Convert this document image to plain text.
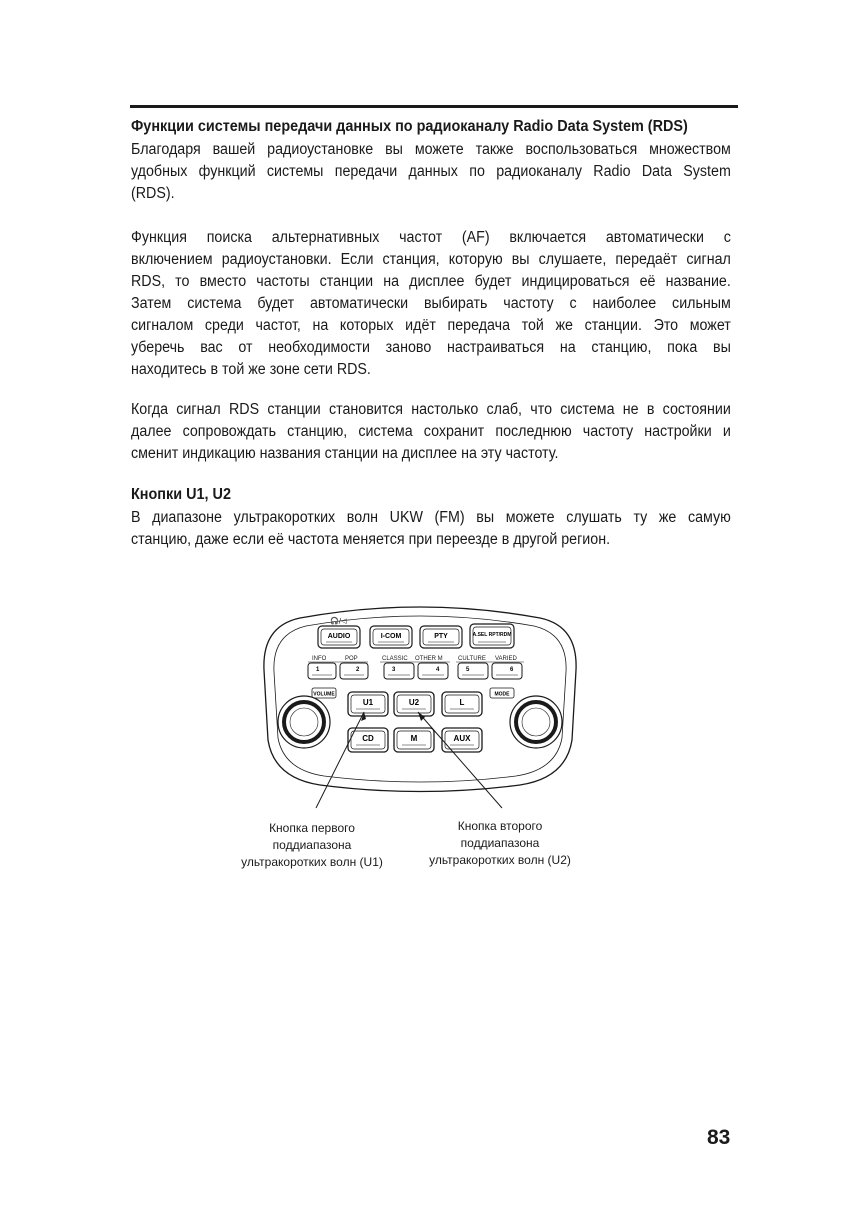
Функции системы передачи данных по радиоканалу Radio Data System (RDS)
Благодаря вашей радиоустановке вы можете также воспользоваться множеством
удобных функций системы передачи данных по радиоканалу Radio Data System
(RDS).
Функция поиска альтернативных частот (AF) включается автоматически с
включением радиоустановки. Если станция, которую вы слушаете, передаёт сигнал
RDS, то вместо частоты станции на дисплее будет индицироваться её название.
Затем система будет автоматически выбирать частоту с наиболее сильным
сигналом среди частот, на которых идёт передача той же станции. Это может
уберечь вас от необходимости заново настраиваться на станцию, пока вы
находитесь в той же зоне сети RDS.
Когда сигнал RDS станции становится настолько слаб, что система не в состоянии
далее сопровождать станцию, система сохранит последнюю частоту настройки и
сменит индикацию названия станции на дисплее на эту частоту.
Кнопки U1, U2
В диапазоне ультракоротких волн UKW (FM) вы можете слушать ту же самую
станцию, даже если её частота меняется при переезде в другой регион.
🎧/◁
AUDIO	I-COM	PTY	A.SEL RPT/RDM
INFO	POP	CLASSIC OTHER M	CULTURE VARIED
1	2	3	4	5	6
VOLUME	MODE
U1	U2	L
CD	M	AUX
Кнопка первого
поддиапазона
ультракоротких волн (U1)
Кнопка второго
поддиапазона
ультракоротких волн (U2)
83
